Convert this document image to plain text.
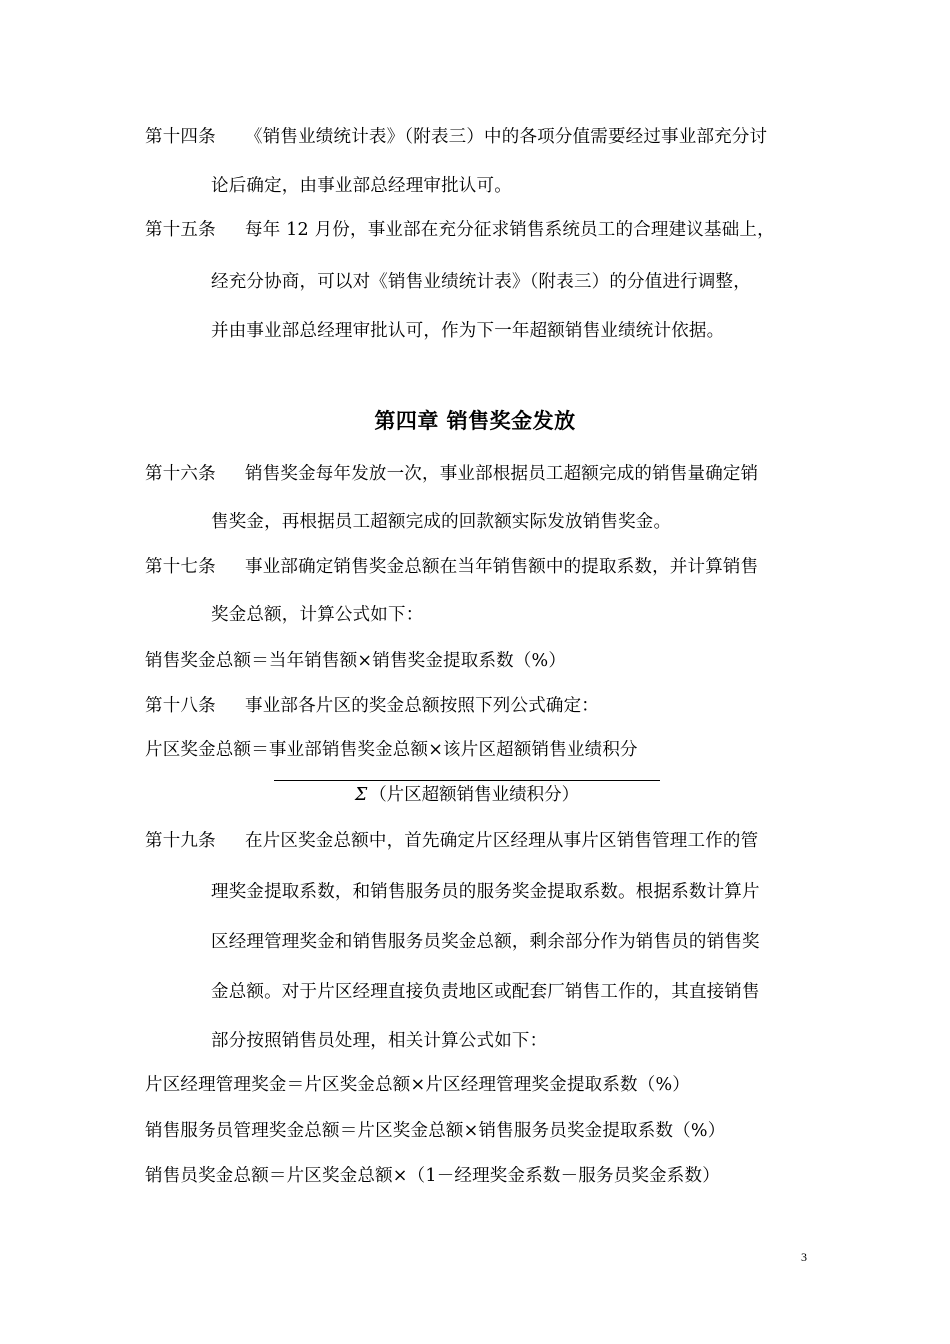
第十四条 《销售业绩统计表》（附表三）中的各项分值需要经过事业部充分讨
论后确定，由事业部总经理审批认可。
第十五条 每年 12 月份，事业部在充分征求销售系统员工的合理建议基础上，
经充分协商，可以对《销售业绩统计表》（附表三）的分值进行调整，
并由事业部总经理审批认可，作为下一年超额销售业绩统计依据。
第四章 销售奖金发放
第十六条 销售奖金每年发放一次，事业部根据员工超额完成的销售量确定销
售奖金，再根据员工超额完成的回款额实际发放销售奖金。
第十七条 事业部确定销售奖金总额在当年销售额中的提取系数，并计算销售
奖金总额，计算公式如下：
销售奖金总额＝当年销售额×销售奖金提取系数（%）
第十八条 事业部各片区的奖金总额按照下列公式确定：
片区奖金总额＝事业部销售奖金总额×该片区超额销售业绩积分
Σ （片区超额销售业绩积分）
第十九条 在片区奖金总额中，首先确定片区经理从事片区销售管理工作的管
理奖金提取系数，和销售服务员的服务奖金提取系数。根据系数计算片
区经理管理奖金和销售服务员奖金总额，剩余部分作为销售员的销售奖
金总额。对于片区经理直接负责地区或配套厂销售工作的，其直接销售
部分按照销售员处理，相关计算公式如下：
片区经理管理奖金＝片区奖金总额×片区经理管理奖金提取系数（%）
销售服务员管理奖金总额＝片区奖金总额×销售服务员奖金提取系数（%）
销售员奖金总额＝片区奖金总额×（1－经理奖金系数－服务员奖金系数）
3
